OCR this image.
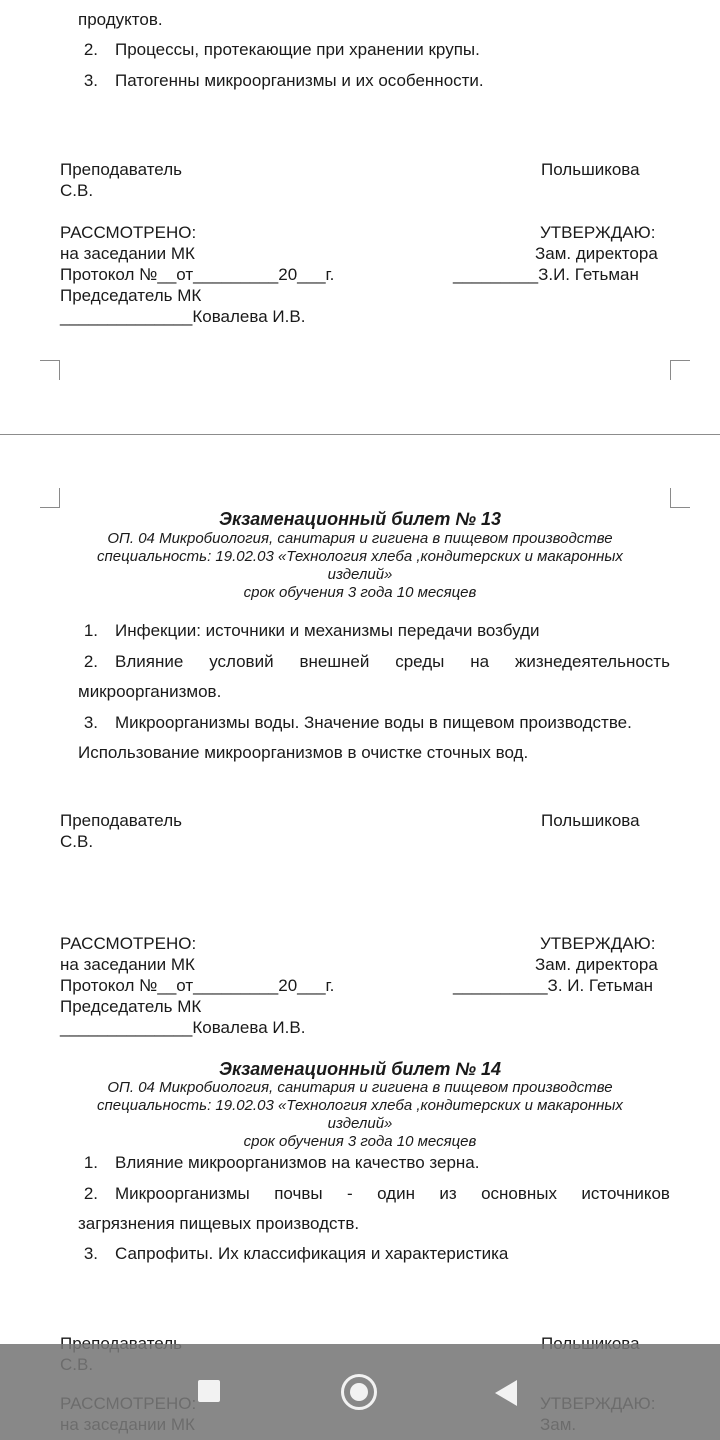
продуктов.
2. Процессы, протекающие при хранении крупы.
3. Патогенны микроорганизмы и их особенности.
Преподаватель	Польшикова
С.В.
РАССМОТРЕНО:	УТВЕРЖДАЮ:
на заседании МК	Зам. директора
Протокол №__от_________20___г.	_________З.И. Гетьман
Председатель МК
______________Ковалева И.В.
Экзаменационный билет № 13
ОП. 04 Микробиология, санитария и гигиена в пищевом производстве
специальность: 19.02.03 «Технология хлеба ,кондитерских и макаронных
изделий»
срок обучения 3 года 10 месяцев
1. Инфекции: источники и механизмы передачи возбуди
2. Влияние условий внешней среды на жизнедеятельность
микроорганизмов.
3. Микроорганизмы воды. Значение воды в пищевом производстве.
Использование микроорганизмов в очистке сточных вод.
Преподаватель	Польшикова
С.В.
РАССМОТРЕНО:	УТВЕРЖДАЮ:
на заседании МК	Зам. директора
Протокол №__от_________20___г.	__________З. И. Гетьман
Председатель МК
______________Ковалева И.В.
Экзаменационный билет № 14
ОП. 04 Микробиология, санитария и гигиена в пищевом производстве
специальность: 19.02.03 «Технология хлеба ,кондитерских и макаронных
изделий»
срок обучения 3 года 10 месяцев
1. Влияние микроорганизмов на качество зерна.
2. Микроорганизмы почвы - один из основных источников
загрязнения пищевых производств.
3. Сапрофиты. Их классификация и характеристика
